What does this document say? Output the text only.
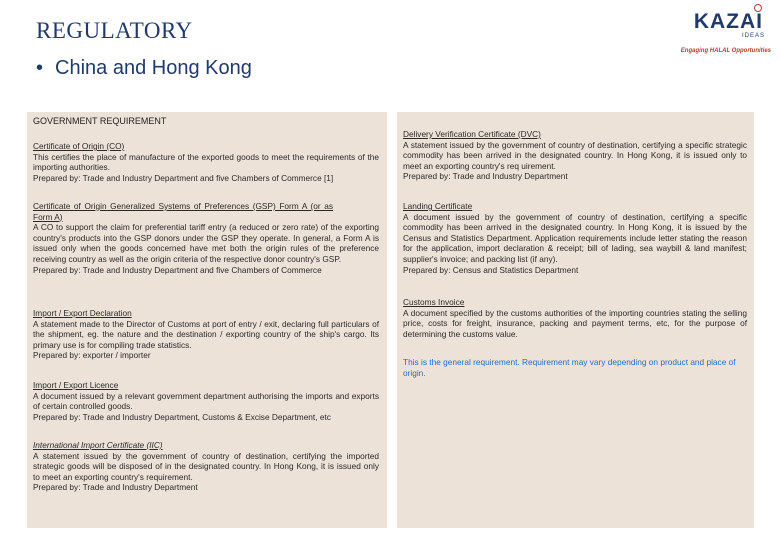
REGULATORY
• China and Hong Kong
KAZAI
IDEAS
Engaging HALAL Opportunities
GOVERNMENT REQUIREMENT
Certificate of Origin (CO)
This certifies the place of manufacture of the exported goods to meet the requirements of the importing authorities.
Prepared by: Trade and Industry Department and five Chambers of Commerce [1]
Certificate of Origin Generalized Systems of Preferences (GSP) Form A (or as Form A)
A CO to support the claim for preferential tariff entry (a reduced or zero rate) of the exporting country's products into the GSP donors under the GSP they operate. In general, a Form A is issued only when the goods concerned have met both the origin rules of the preference receiving country as well as the origin criteria of the respective donor country's GSP.
Prepared by: Trade and Industry Department and five Chambers of Commerce
Import / Export Declaration
A statement made to the Director of Customs at port of entry / exit, declaring full particulars of the shipment, eg. the nature and the destination / exporting country of the ship's cargo. Its primary use is for compiling trade statistics.
Prepared by: exporter / importer
Import / Export Licence
A document issued by a relevant government department authorising the imports and exports of certain controlled goods.
Prepared by: Trade and Industry Department, Customs & Excise Department, etc
International Import Certificate (IIC)
A statement issued by the government of country of destination, certifying the imported strategic goods will be disposed of in the designated country. In Hong Kong, it is issued only to meet an exporting country's requirement.
Prepared by: Trade and Industry Department
Delivery Verification Certificate (DVC)
A statement issued by the government of country of destination, certifying a specific strategic commodity has been arrived in the designated country. In Hong Kong, it is issued only to meet an exporting country's req uirement.
Prepared by: Trade and Industry Department
Landing Certificate
A document issued by the government of country of destination, certifying a specific commodity has been arrived in the designated country. In Hong Kong, it is issued by the Census and Statistics Department. Application requirements include letter stating the reason for the application, import declaration & receipt; bill of lading, sea waybill & land manifest; supplier's invoice; and packing list (if any).
Prepared by: Census and Statistics Department
Customs Invoice
A document specified by the customs authorities of the importing countries stating the selling price, costs for freight, insurance, packing and payment terms, etc, for the purpose of determining the customs value.
This is the general requirement. Requirement may vary depending on product and place of origin.
